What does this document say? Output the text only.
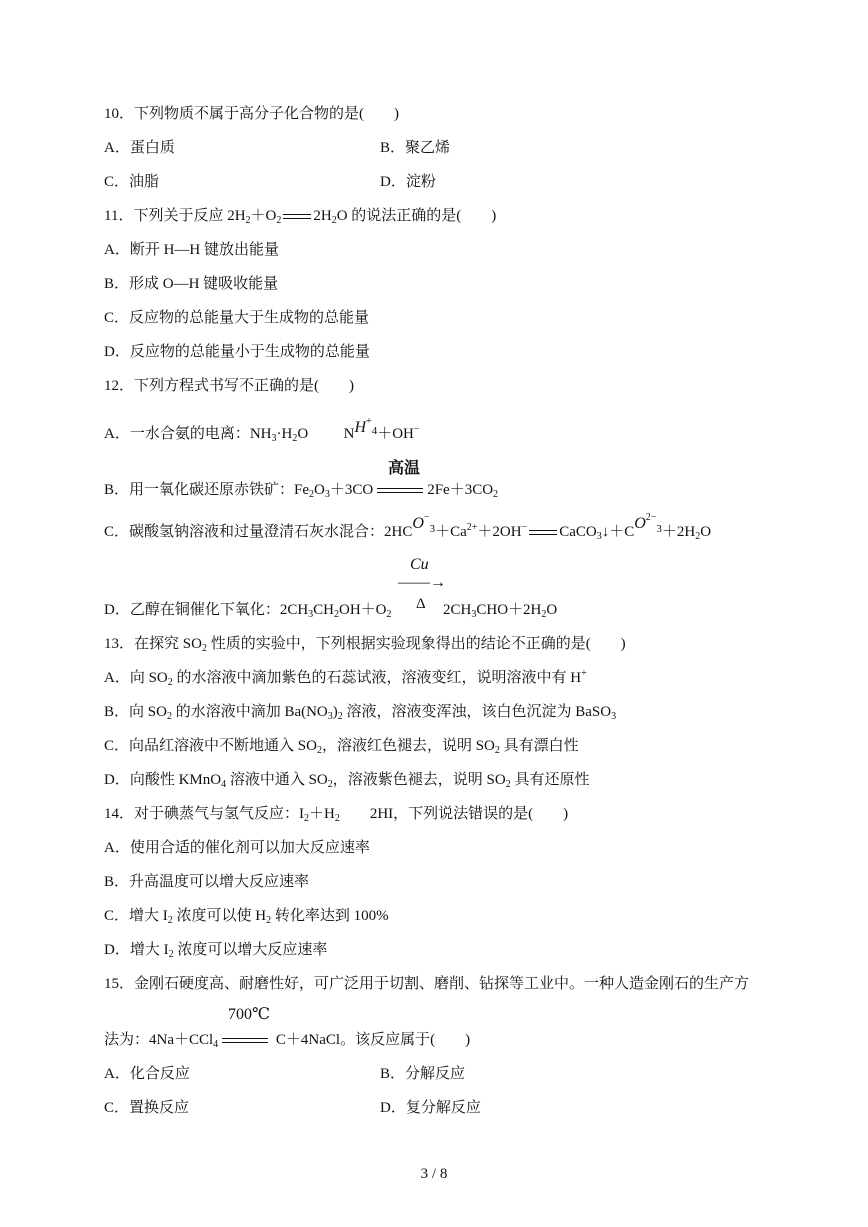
10．下列物质不属于高分子化合物的是(　　)
A．蛋白质	B．聚乙烯
C．油脂	D．淀粉
11．下列关于反应 $2H_2+O_2$ $2H_2O$ 的说法正确的是(　　)
A．断开 H—H 键放出能量
B．形成 O—H 键吸收能量
C．反应物的总能量大于生成物的总能量
D．反应物的总能量小于生成物的总能量
12．下列方程式书写不正确的是(　　)
A．一水合氨的电离：$NH_3\cdot H_2O$ $NH^{+4}+OH^-$
高温
B．用一氧化碳还原赤铁矿：$Fe_2O_3+3CO$	$2Fe+3CO_2$
C．碳酸氢钠溶液和过量澄清石灰水混合：$2HCO^{-3}+Ca^{2+}+2OH^-$ $CaCO_3↓+CO^{2-3}+2H_2O$
Cu
——→
Δ
D．乙醇在铜催化下氧化：$2CH_3CH_2OH+O_2$	$2CH_3CHO+2H_2O$
13．在探究 $SO_2$ 性质的实验中，下列根据实验现象得出的结论不正确的是(　　)
A．向 $SO_2$ 的水溶液中滴加紫色的石蕊试液，溶液变红，说明溶液中有 H+
B．向 $SO_2$ 的水溶液中滴加 $Ba(NO_3)_2$ 溶液，溶液变浑浊，该白色沉淀为 BaSO$_3$
C．向品红溶液中不断地通入 $SO_2$，溶液红色褪去，说明 $SO_2$ 具有漂白性
D．向酸性 KMnO$_4$ 溶液中通入 $SO_2$，溶液紫色褪去，说明 $SO_2$ 具有还原性
14．对于碘蒸气与氢气反应：$I_2+H_2$　　2HI，下列说法错误的是(　　)
A．使用合适的催化剂可以加大反应速率
B．升高温度可以增大反应速率
C．增大 $I_2$ 浓度可以使 $H_2$ 转化率达到 100%
D．增大 $I_2$ 浓度可以增大反应速率
15．金刚石硬度高、耐磨性好，可广泛用于切割、磨削、钻探等工业中。一种人造金刚石的生产方
700℃
法为：4Na＋CCl$_4$	C＋4NaCl。该反应属于(　　)
A．化合反应	B．分解反应
C．置换反应	D．复分解反应
3 / 8
